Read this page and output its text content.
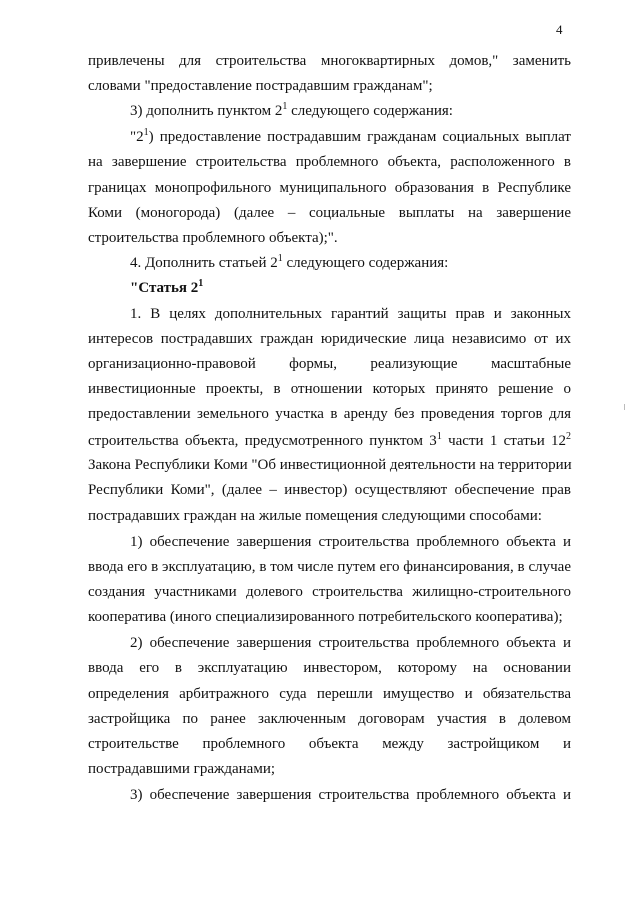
4
привлечены для строительства многоквартирных домов," заменить
словами "предоставление пострадавшим гражданам";
3) дополнить пунктом $2^1$ следующего содержания:
"$2^1$) предоставление пострадавшим гражданам социальных выплат
на завершение строительства проблемного объекта, расположенного в
границах монопрофильного муниципального образования в Республике
Коми (моногорода) (далее – социальные выплаты на завершение
строительства проблемного объекта);".
4. Дополнить статьей $2^1$ следующего содержания:
"Статья $2^1$
1. В целях дополнительных гарантий защиты прав и законных
интересов пострадавших граждан юридические лица независимо от их
организационно-правовой формы, реализующие масштабные
инвестиционные проекты, в отношении которых принято решение о
предоставлении земельного участка в аренду без проведения торгов для
строительства объекта, предусмотренного пунктом $3^1$ части 1 статьи $12^2$
Закона Республики Коми "Об инвестиционной деятельности на территории
Республики Коми", (далее – инвестор) осуществляют обеспечение прав
пострадавших граждан на жилые помещения следующими способами:
1) обеспечение завершения строительства проблемного объекта и
ввода его в эксплуатацию, в том числе путем его финансирования, в случае
создания участниками долевого строительства жилищно-строительного
кооператива (иного специализированного потребительского кооператива);
2) обеспечение завершения строительства проблемного объекта и
ввода его в эксплуатацию инвестором, которому на основании
определения арбитражного суда перешли имущество и обязательства
застройщика по ранее заключенным договорам участия в долевом
строительстве проблемного объекта между застройщиком и
пострадавшими гражданами;
3) обеспечение завершения строительства проблемного объекта и
